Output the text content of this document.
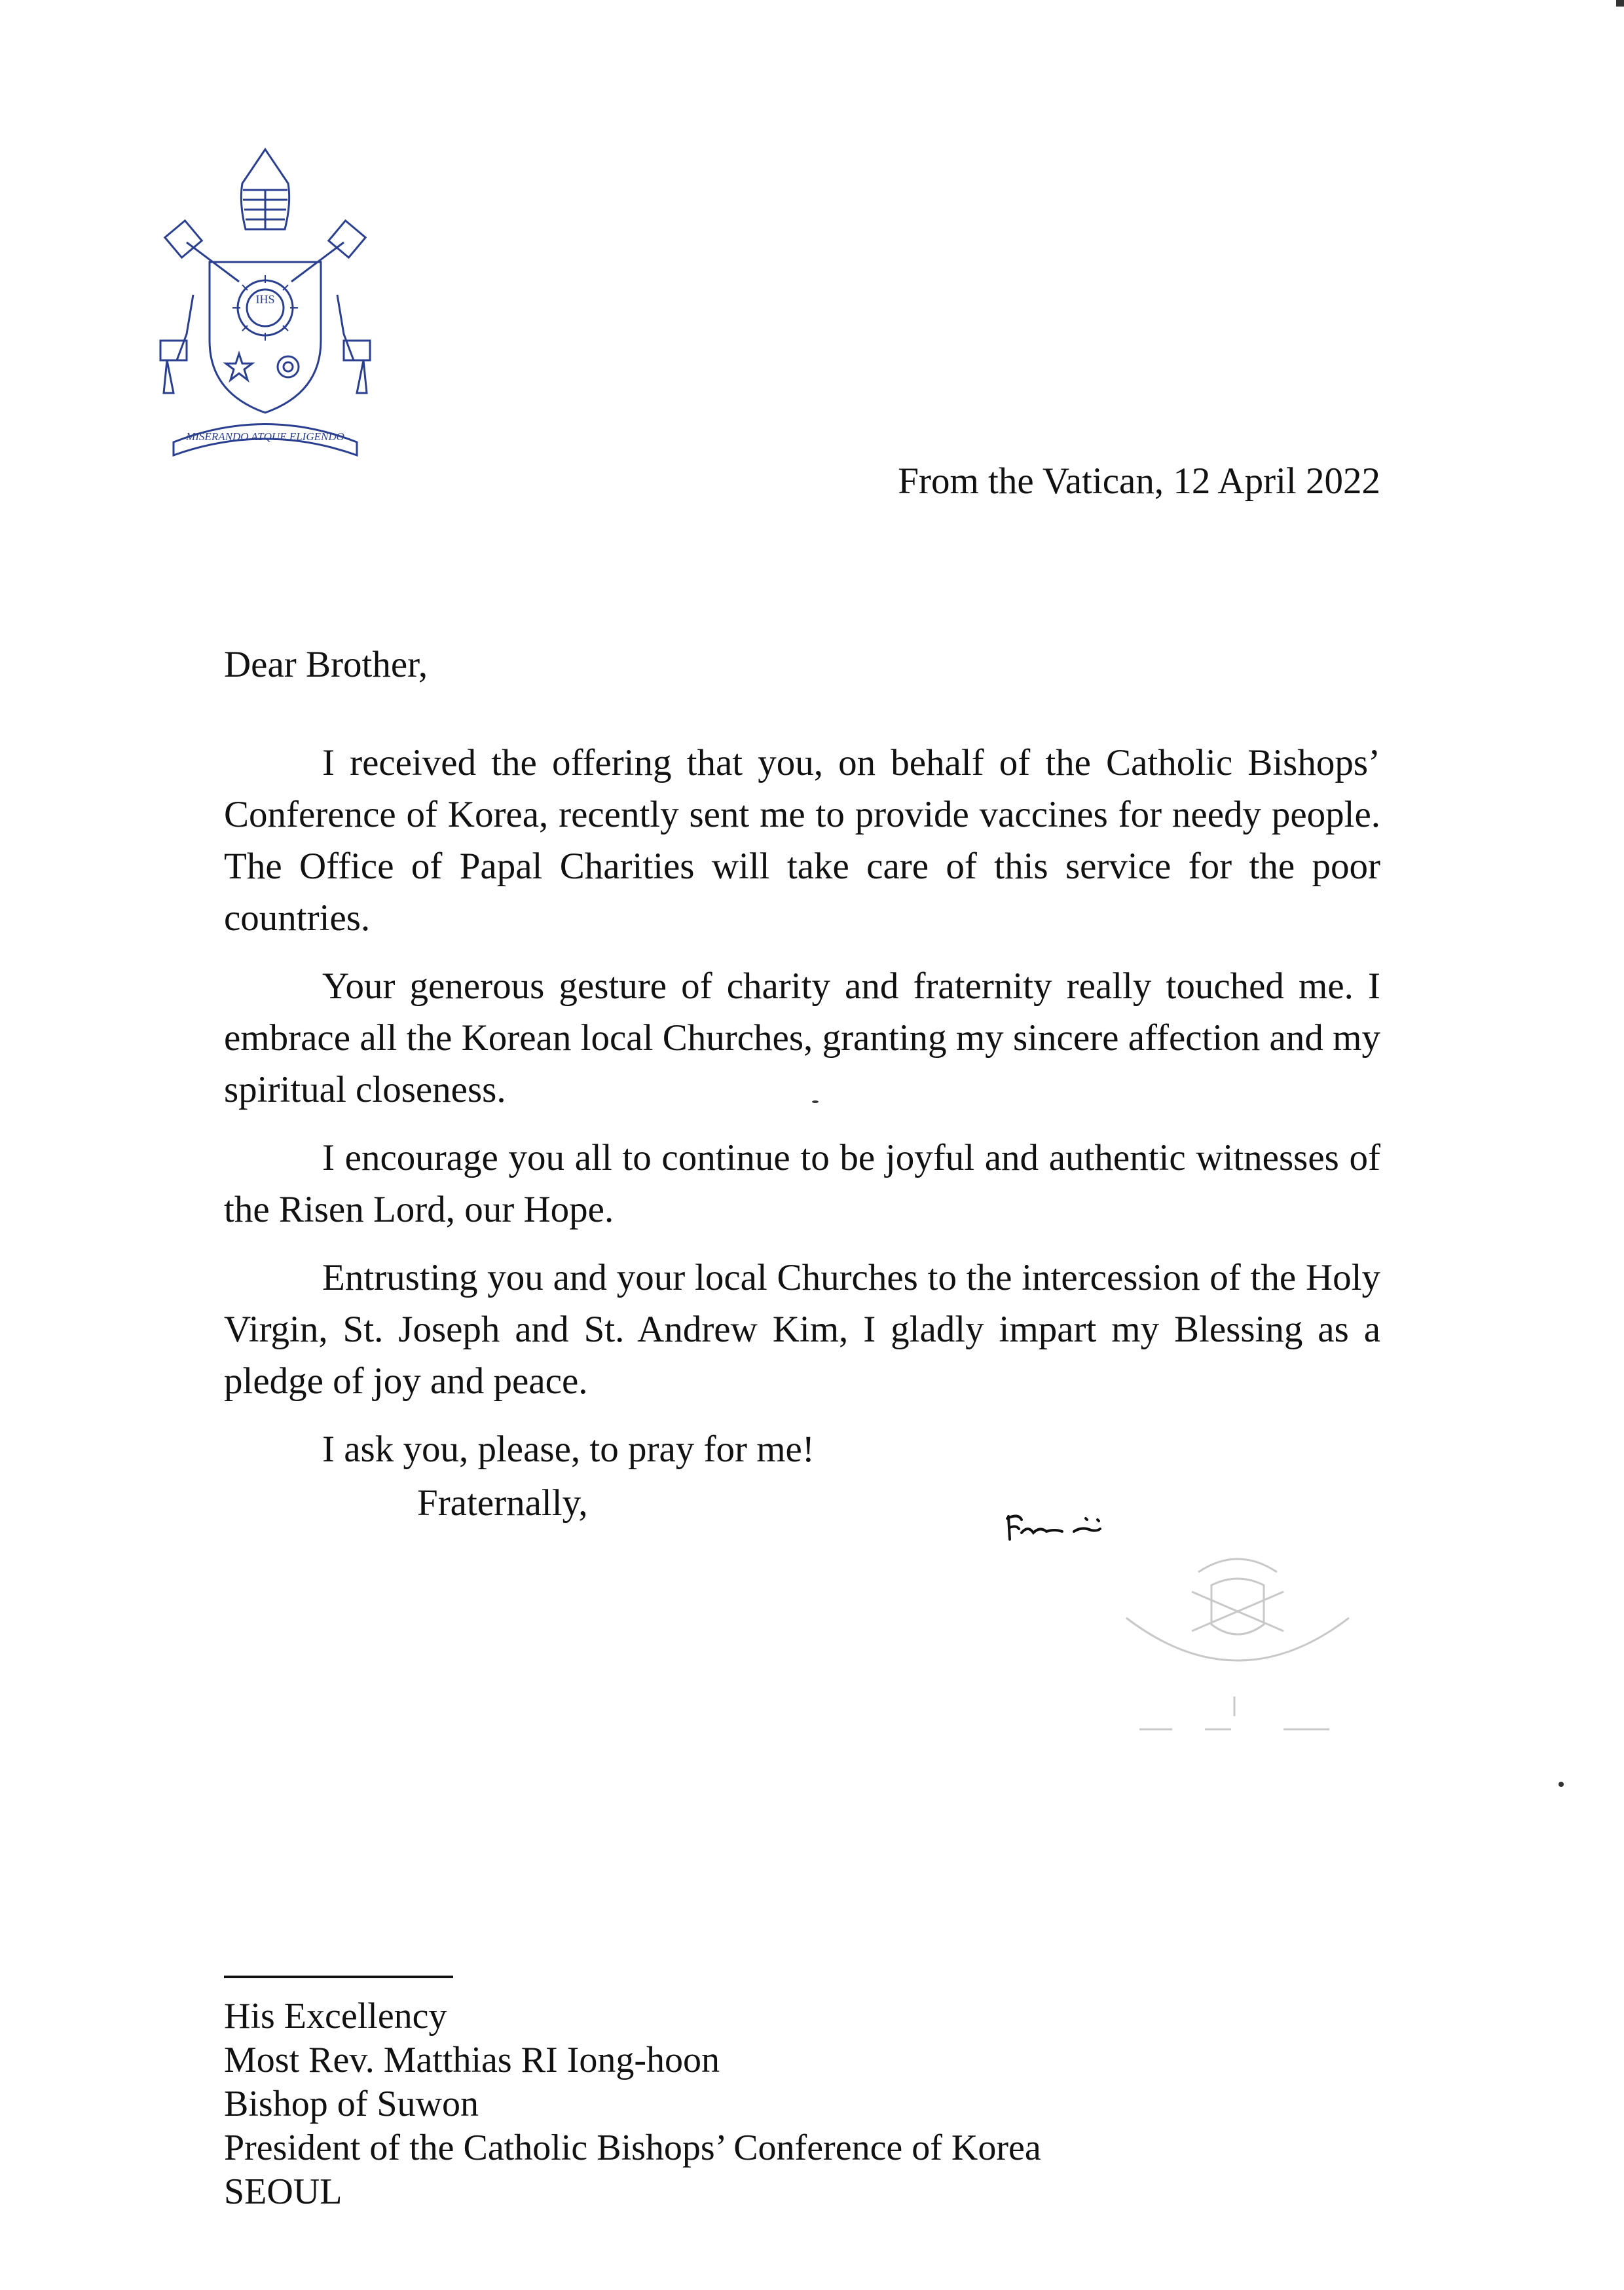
IHS
MISERANDO ATQUE ELIGENDO
From the Vatican, 12 April 2022
Dear Brother,

I received the offering that you, on behalf of the Catholic Bishops’ Conference of Korea, recently sent me to provide vaccines for needy people. The Office of Papal Charities will take care of this service for the poor countries.

Your generous gesture of charity and fraternity really touched me. I embrace all the Korean local Churches, granting my sincere affection and my spiritual closeness.

I encourage you all to continue to be joyful and authentic witnesses of the Risen Lord, our Hope.

Entrusting you and your local Churches to the intercession of the Holy Virgin, St. Joseph and St. Andrew Kim, I gladly impart my Blessing as a pledge of joy and peace.

I ask you, please, to pray for me!

Fraternally,
His Excellency
Most Rev. Matthias RI Iong-hoon
Bishop of Suwon
President of the Catholic Bishops’ Conference of Korea
SEOUL
